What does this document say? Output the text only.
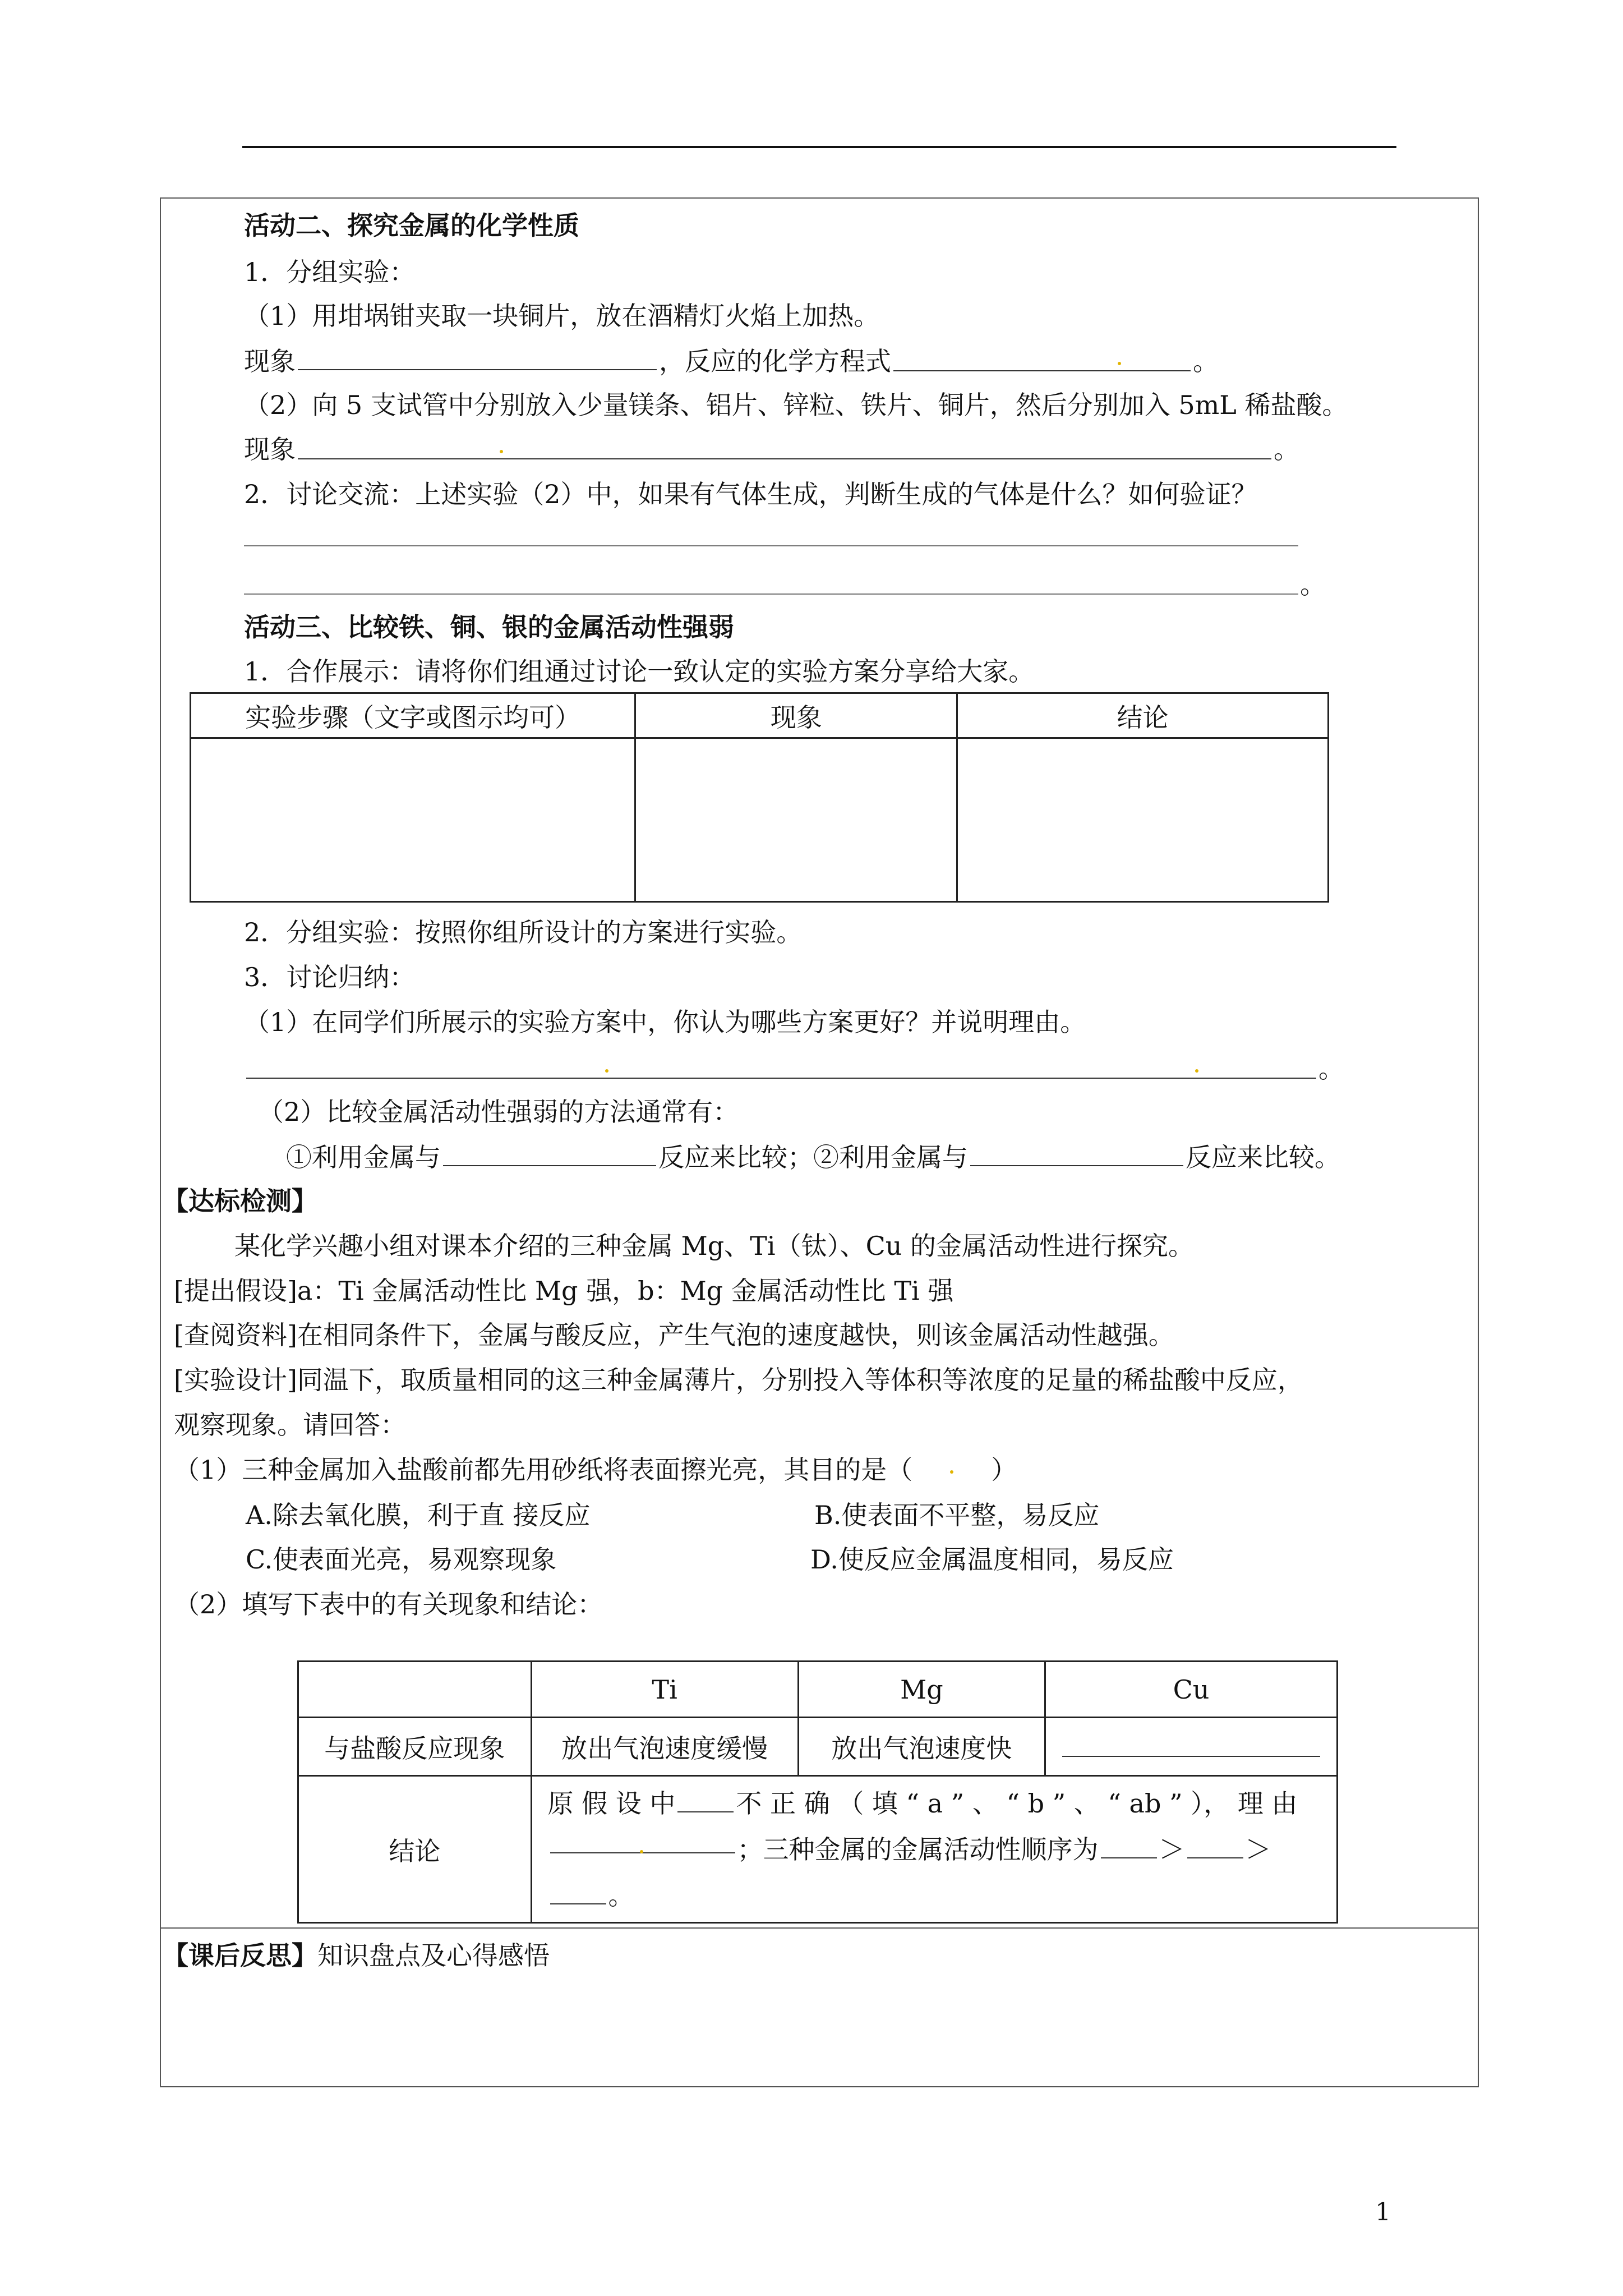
活动二、探究金属的化学性质
1．分组实验：
（1）用坩埚钳夹取一块铜片，放在酒精灯火焰上加热。
现象	，反应的化学方程式	。
（2）向 5 支试管中分别放入少量镁条、铝片、锌粒、铁片、铜片，然后分别加入 5mL 稀盐酸。
现象	。
2．讨论交流：上述实验（2）中，如果有气体生成，判断生成的气体是什么？如何验证？
。
活动三、比较铁、铜、银的金属活动性强弱
1．合作展示：请将你们组通过讨论一致认定的实验方案分享给大家。
实验步骤（文字或图示均可）	现象	结论

2．分组实验：按照你组所设计的方案进行实验。
3．讨论归纳：
（1）在同学们所展示的实验方案中，你认为哪些方案更好？并说明理由。
。
（2）比较金属活动性强弱的方法通常有：
①利用金属与	反应来比较；②利用金属与	反应来比较。
【达标检测】
某化学兴趣小组对课本介绍的三种金属 Mg、Ti（钛）、Cu 的金属活动性进行探究。
[提出假设]a：Ti 金属活动性比 Mg 强，b：Mg 金属活动性比 Ti 强
[查阅资料]在相同条件下，金属与酸反应，产生气泡的速度越快，则该金属活动性越强。
[实验设计]同温下，取质量相同的这三种金属薄片，分别投入等体积等浓度的足量的稀盐酸中反应，
观察现象。请回答：
（1）三种金属加入盐酸前都先用砂纸将表面擦光亮，其目的是（	）
A.除去氧化膜，利于直 接反应	B.使表面不平整，易反应
C.使表面光亮，易观察现象	D.使反应金属温度相同，易反应
（2）填写下表中的有关现象和结论：
	Ti	Mg	Cu
与盐酸反应现象	放出气泡速度缓慢	放出气泡速度快	
结论	原 假 设 中 不 正 确 （ 填 “ a ” 、 “ b ” 、 “ ab ” ）， 理 由
；三种金属的金属活动性顺序为 ＞ ＞
。		
【课后反思】知识盘点及心得感悟
1
